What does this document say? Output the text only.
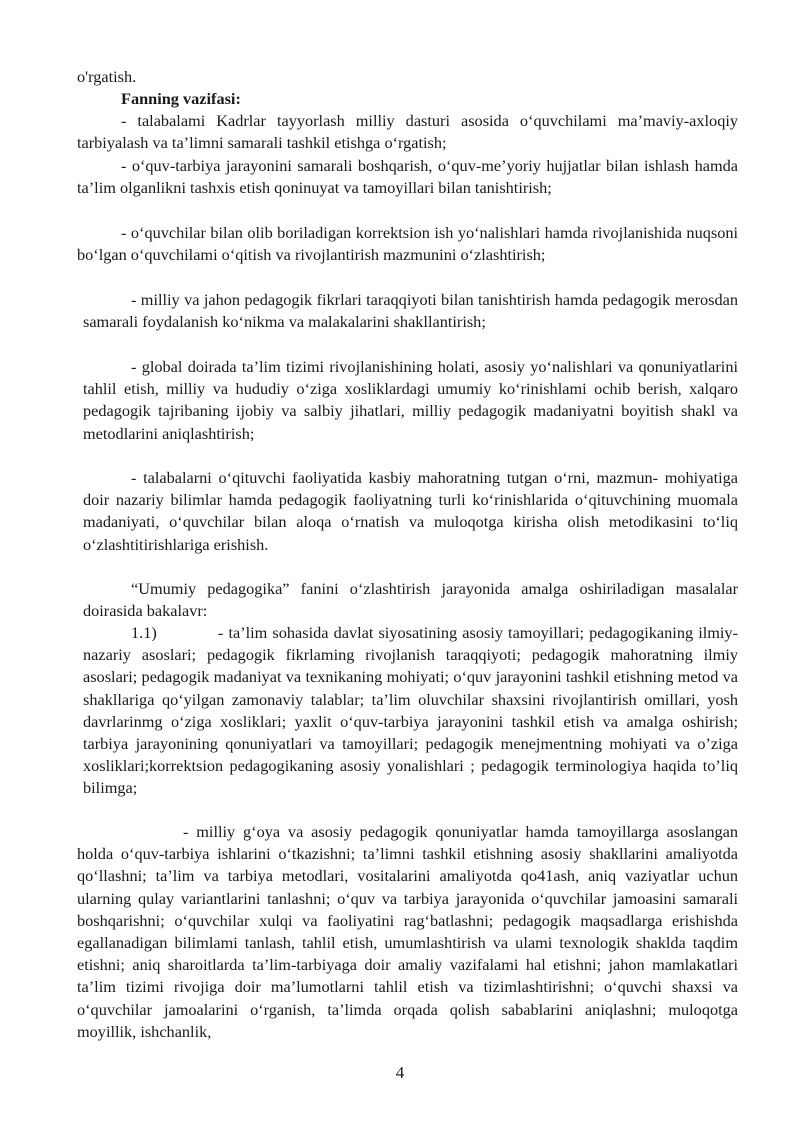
o'rgatish.

Fanning vazifasi:

- talabalami Kadrlar tayyorlash milliy dasturi asosida o‘quvchilami ma’maviy-axloqiy tarbiyalash va ta’limni samarali tashkil etishga o‘rgatish;

- o‘quv-tarbiya jarayonini samarali boshqarish, o‘quv-me’yoriy hujjatlar bilan ishlash hamda ta’lim olganlikni tashxis etish qoninuyat va tamoyillari bilan tanishtirish;

- o‘quvchilar bilan olib boriladigan korrektsion ish yo‘nalishlari hamda rivojlanishida nuqsoni bo‘lgan o‘quvchilami o‘qitish va rivojlantirish mazmunini o‘zlashtirish;

- milliy va jahon pedagogik fikrlari taraqqiyoti bilan tanishtirish hamda pedagogik merosdan samarali foydalanish ko‘nikma va malakalarini shakllantirish;

- global doirada ta’lim tizimi rivojlanishining holati, asosiy yo‘nalishlari va qonuniyatlarini tahlil etish, milliy va hududiy o‘ziga xosliklardagi umumiy ko‘rinishlami ochib berish, xalqaro pedagogik tajribaning ijobiy va salbiy jihatlari, milliy pedagogik madaniyatni boyitish shakl va metodlarini aniqlashtirish;

- talabalarni o‘qituvchi faoliyatida kasbiy mahoratning tutgan o‘rni, mazmun- mohiyatiga doir nazariy bilimlar hamda pedagogik faoliyatning turli ko‘rinishlarida o‘qituvchining muomala madaniyati, o‘quvchilar bilan aloqa o‘rnatish va muloqotga kirisha olish metodikasini to‘liq o‘zlashtitirishlariga erishish.

“Umumiy pedagogika” fanini o‘zlashtirish jarayonida amalga oshiriladigan masalalar doirasida bakalavr:

1.1)            - ta’lim sohasida davlat siyosatining asosiy tamoyillari; pedagogikaning ilmiy-nazariy asoslari; pedagogik fikrlaming rivojlanish taraqqiyoti; pedagogik mahoratning ilmiy asoslari; pedagogik madaniyat va texnikaning mohiyati; o‘quv jarayonini tashkil etishning metod va shakllariga qo‘yilgan zamonaviy talablar; ta’lim oluvchilar shaxsini rivojlantirish omillari, yosh davrlarinmg o‘ziga xosliklari; yaxlit o‘quv-tarbiya jarayonini tashkil etish va amalga oshirish; tarbiya jarayonining qonuniyatlari va tamoyillari; pedagogik menejmentning mohiyati va o’ziga xosliklari;korrektsion pedagogikaning asosiy yonalishlari ; pedagogik terminologiya haqida to’liq bilimga;

- milliy g‘oya va asosiy pedagogik qonuniyatlar hamda tamoyillarga asoslangan holda o‘quv-tarbiya ishlarini o‘tkazishni; ta’limni tashkil etishning asosiy shakllarini amaliyotda qo‘llashni; ta’lim va tarbiya metodlari, vositalarini amaliyotda qo41ash, aniq vaziyatlar uchun ularning qulay variantlarini tanlashni; o‘quv va tarbiya jarayonida o‘quvchilar jamoasini samarali boshqarishni; o‘quvchilar xulqi va faoliyatini rag‘batlashni; pedagogik maqsadlarga erishishda egallanadigan bilimlami tanlash, tahlil etish, umumlashtirish va ulami texnologik shaklda taqdim etishni; aniq sharoitlarda ta’lim-tarbiyaga doir amaliy vazifalami hal etishni; jahon mamlakatlari ta’lim tizimi rivojiga doir ma’lumotlarni tahlil etish va tizimlashtirishni; o‘quvchi shaxsi va o‘quvchilar jamoalarini o‘rganish, ta’limda orqada qolish sabablarini aniqlashni; muloqotga moyillik, ishchanlik,

4
